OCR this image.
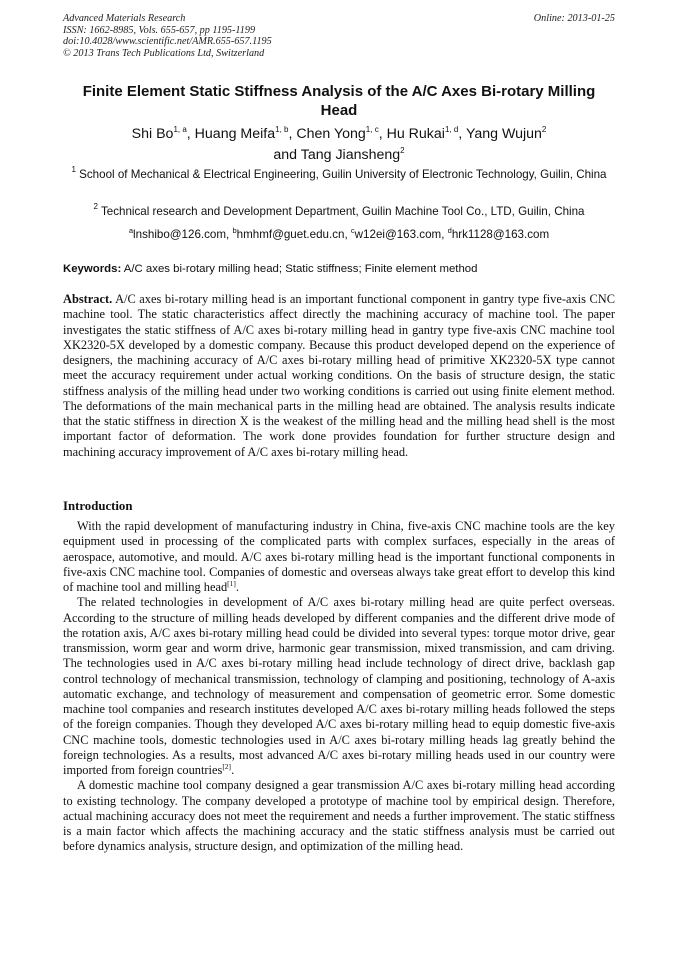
Advanced Materials Research
ISSN: 1662-8985, Vols. 655-657, pp 1195-1199
doi:10.4028/www.scientific.net/AMR.655-657.1195
© 2013 Trans Tech Publications Ltd, Switzerland
Online: 2013-01-25
Finite Element Static Stiffness Analysis of the A/C Axes Bi-rotary Milling Head
Shi Bo$^{1, a}$, Huang Meifa$^{1, b}$, Chen Yong$^{1, c}$, Hu Rukai$^{1, d}$, Yang Wujun$^2$
and Tang Jiansheng$^2$
$^1$ School of Mechanical & Electrical Engineering, Guilin University of Electronic Technology, Guilin, China
$^2$ Technical research and Development Department, Guilin Machine Tool Co., LTD, Guilin, China
$^a$lnshibo@126.com, $^b$hmhmf@guet.edu.cn, $^c$w12ei@163.com, $^d$hrk1128@163.com
Keywords: A/C axes bi-rotary milling head; Static stiffness; Finite element method
Abstract. A/C axes bi-rotary milling head is an important functional component in gantry type five-axis CNC machine tool. The static characteristics affect directly the machining accuracy of machine tool. The paper investigates the static stiffness of A/C axes bi-rotary milling head in gantry type five-axis CNC machine tool XK2320-5X developed by a domestic company. Because this product developed depend on the experience of designers, the machining accuracy of A/C axes bi-rotary milling head of primitive XK2320-5X type cannot meet the accuracy requirement under actual working conditions. On the basis of structure design, the static stiffness analysis of the milling head under two working conditions is carried out using finite element method. The deformations of the main mechanical parts in the milling head are obtained. The analysis results indicate that the static stiffness in direction X is the weakest of the milling head and the milling head shell is the most important factor of deformation. The work done provides foundation for further structure design and machining accuracy improvement of A/C axes bi-rotary milling head.
Introduction

With the rapid development of manufacturing industry in China, five-axis CNC machine tools are the key equipment used in processing of the complicated parts with complex surfaces, especially in the areas of aerospace, automotive, and mould. A/C axes bi-rotary milling head is the important functional components in five-axis CNC machine tool. Companies of domestic and overseas always take great effort to develop this kind of machine tool and milling head[1].

The related technologies in development of A/C axes bi-rotary milling head are quite perfect overseas. According to the structure of milling heads developed by different companies and the different drive mode of the rotation axis, A/C axes bi-rotary milling head could be divided into several types: torque motor drive, gear transmission, worm gear and worm drive, harmonic gear transmission, mixed transmission, and cam driving. The technologies used in A/C axes bi-rotary milling head include technology of direct drive, backlash gap control technology of mechanical transmission, technology of clamping and positioning, technology of A-axis automatic exchange, and technology of measurement and compensation of geometric error. Some domestic machine tool companies and research institutes developed A/C axes bi-rotary milling heads followed the steps of the foreign companies. Though they developed A/C axes bi-rotary milling head to equip domestic five-axis CNC machine tools, domestic technologies used in A/C axes bi-rotary milling heads lag greatly behind the foreign technologies. As a results, most advanced A/C axes bi-rotary milling heads used in our country were imported from foreign countries[2].

A domestic machine tool company designed a gear transmission A/C axes bi-rotary milling head according to existing technology. The company developed a prototype of machine tool by empirical design. Therefore, actual machining accuracy does not meet the requirement and needs a further improvement. The static stiffness is a main factor which affects the machining accuracy and the static stiffness analysis must be carried out before dynamics analysis, structure design, and optimization of the milling head.
